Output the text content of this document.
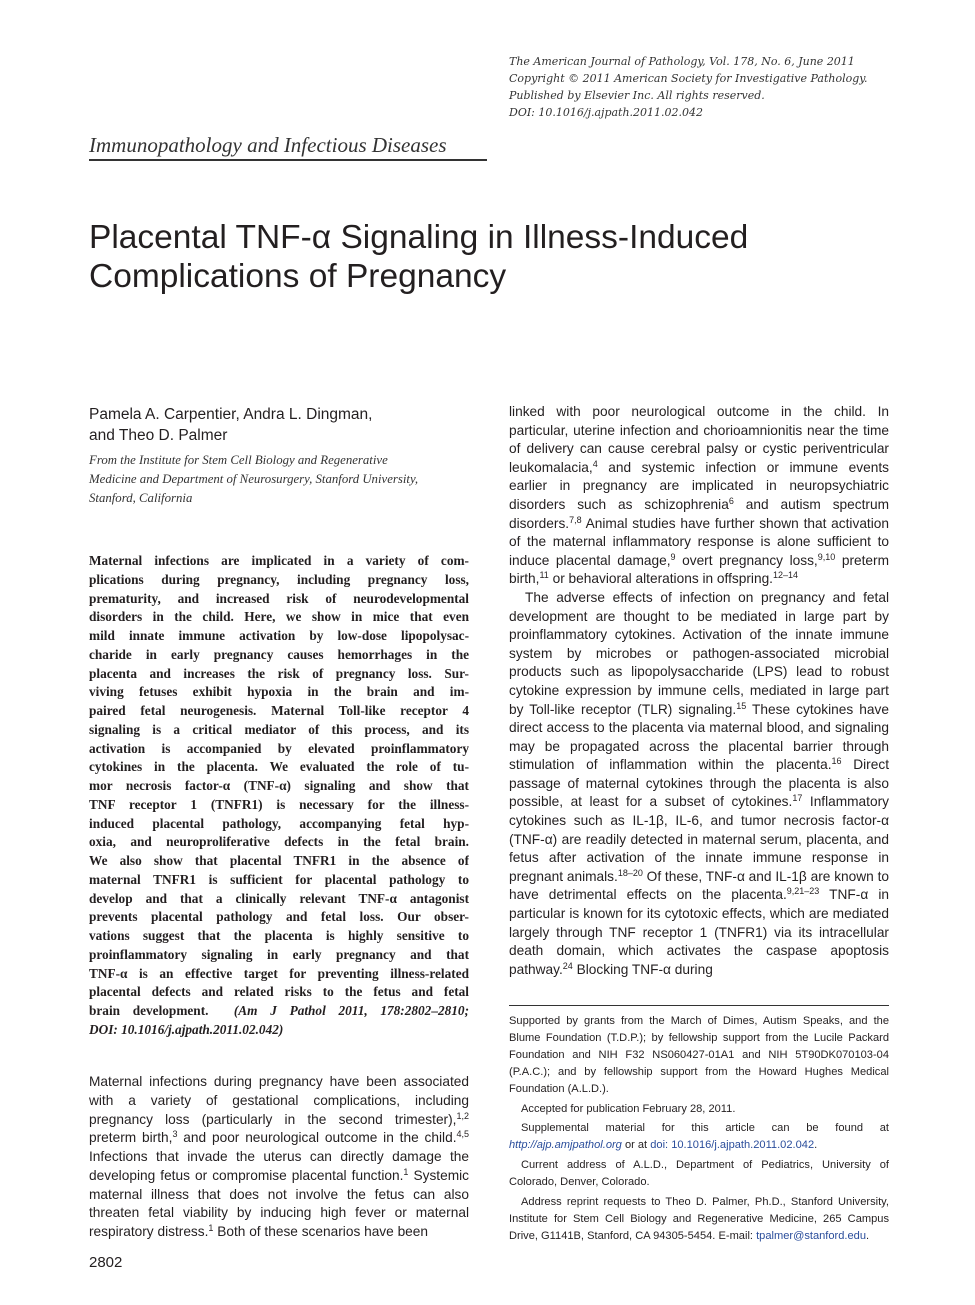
The American Journal of Pathology, Vol. 178, No. 6, June 2011
Copyright © 2011 American Society for Investigative Pathology.
Published by Elsevier Inc. All rights reserved.
DOI: 10.1016/j.ajpath.2011.02.042
Immunopathology and Infectious Diseases
Placental TNF-α Signaling in Illness-Induced
Complications of Pregnancy
Pamela A. Carpentier, Andra L. Dingman,
and Theo D. Palmer
From the Institute for Stem Cell Biology and Regenerative
Medicine and Department of Neurosurgery, Stanford University,
Stanford, California
Maternal infections are implicated in a variety of com-
plications during pregnancy, including pregnancy loss,
prematurity, and increased risk of neurodevelopmental
disorders in the child. Here, we show in mice that even
mild innate immune activation by low-dose lipopolysac-
charide in early pregnancy causes hemorrhages in the
placenta and increases the risk of pregnancy loss. Sur-
viving fetuses exhibit hypoxia in the brain and im-
paired fetal neurogenesis. Maternal Toll-like receptor 4
signaling is a critical mediator of this process, and its
activation is accompanied by elevated proinflammatory
cytokines in the placenta. We evaluated the role of tu-
mor necrosis factor-α (TNF-α) signaling and show that
TNF receptor 1 (TNFR1) is necessary for the illness-
induced placental pathology, accompanying fetal hyp-
oxia, and neuroproliferative defects in the fetal brain.
We also show that placental TNFR1 in the absence of
maternal TNFR1 is sufficient for placental pathology to
develop and that a clinically relevant TNF-α antagonist
prevents placental pathology and fetal loss. Our obser-
vations suggest that the placenta is highly sensitive to
proinflammatory signaling in early pregnancy and that
TNF-α is an effective target for preventing illness-related
placental defects and related risks to the fetus and fetal
brain development. (Am J Pathol 2011, 178:2802–2810;
DOI: 10.1016/j.ajpath.2011.02.042)

Maternal infections during pregnancy have been associated with a variety of gestational complications, including pregnancy loss (particularly in the second trimester),$^{1,2}$ preterm birth,$^3$ and poor neurological outcome in the child.$^{4,5}$ Infections that invade the uterus can directly damage the developing fetus or compromise placental function.$^1$ Systemic maternal illness that does not involve the fetus can also threaten fetal viability by inducing high fever or maternal respiratory distress.$^1$ Both of these scenarios have been

linked with poor neurological outcome in the child. In particular, uterine infection and chorioamnionitis near the time of delivery can cause cerebral palsy or cystic periventricular leukomalacia,$^4$ and systemic infection or immune events earlier in pregnancy are implicated in neuropsychiatric disorders such as schizophrenia$^6$ and autism spectrum disorders.$^{7,8}$ Animal studies have further shown that activation of the maternal inflammatory response is alone sufficient to induce placental damage,$^9$ overt pregnancy loss,$^{9,10}$ preterm birth,$^{11}$ or behavioral alterations in offspring.$^{12-14}$

The adverse effects of infection on pregnancy and fetal development are thought to be mediated in large part by proinflammatory cytokines. Activation of the innate immune system by microbes or pathogen-associated microbial products such as lipopolysaccharide (LPS) lead to robust cytokine expression by immune cells, mediated in large part by Toll-like receptor (TLR) signaling.$^{15}$ These cytokines have direct access to the placenta via maternal blood, and signaling may be propagated across the placental barrier through stimulation of inflammation within the placenta.$^{16}$ Direct passage of maternal cytokines through the placenta is also possible, at least for a subset of cytokines.$^{17}$ Inflammatory cytokines such as IL-1β, IL-6, and tumor necrosis factor-α (TNF-α) are readily detected in maternal serum, placenta, and fetus after activation of the innate immune response in pregnant animals.$^{18-20}$ Of these, TNF-α and IL-1β are known to have detrimental effects on the placenta.$^{9,21-23}$ TNF-α in particular is known for its cytotoxic effects, which are mediated largely through TNF receptor 1 (TNFR1) via its intracellular death domain, which activates the caspase apoptosis pathway.$^{24}$ Blocking TNF-α during

Supported by grants from the March of Dimes, Autism Speaks, and the Blume Foundation (T.D.P.); by fellowship support from the Lucile Packard Foundation and NIH F32 NS060427-01A1 and NIH 5T90DK070103-04 (P.A.C.); and by fellowship support from the Howard Hughes Medical Foundation (A.L.D.).

Accepted for publication February 28, 2011.

Supplemental material for this article can be found at http://ajp.amjpathol.org or at doi: 10.1016/j.ajpath.2011.02.042.

Current address of A.L.D., Department of Pediatrics, University of Colorado, Denver, Colorado.

Address reprint requests to Theo D. Palmer, Ph.D., Stanford University, Institute for Stem Cell Biology and Regenerative Medicine, 265 Campus Drive, G1141B, Stanford, CA 94305-5454. E-mail: tpalmer@stanford.edu.

2802
